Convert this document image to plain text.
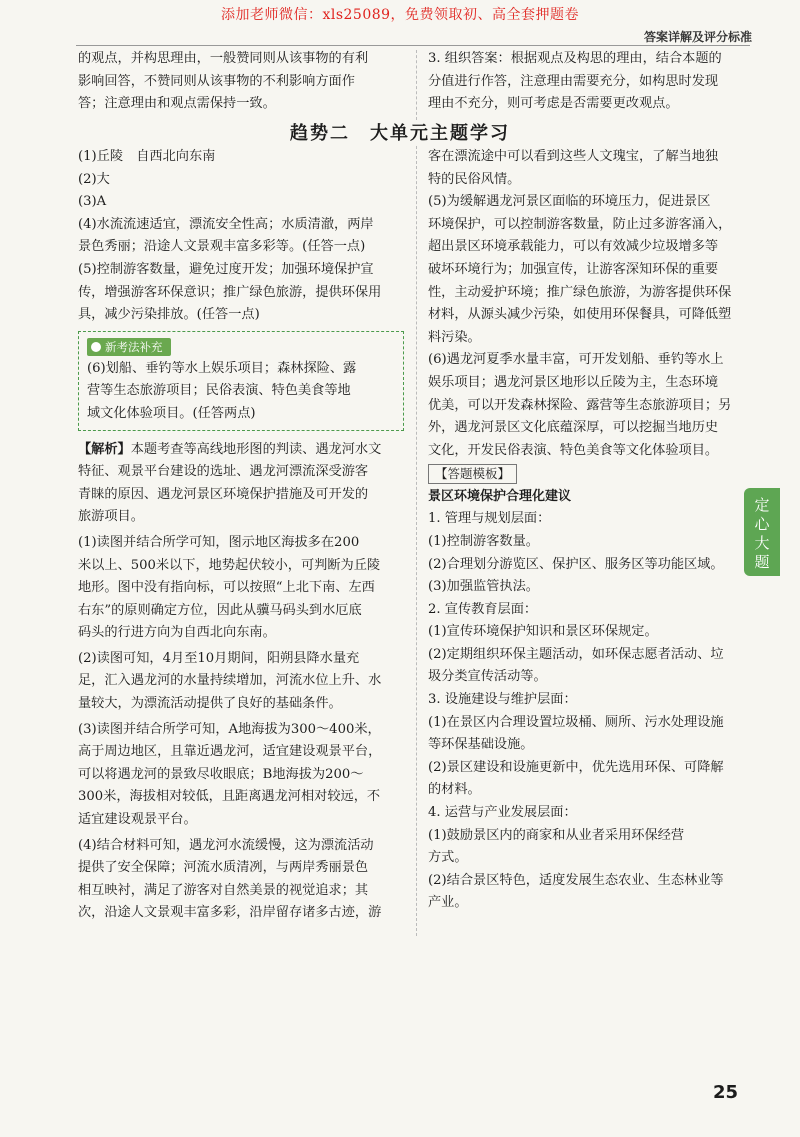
添加老师微信：xls25089，免费领取初、高全套押题卷
答案详解及评分标准

的观点，并构思理由，一般赞同则从该事物的有利

影响回答，不赞同则从该事物的不利影响方面作

答；注意理由和观点需保持一致。

3. 组织答案：根据观点及构思的理由，结合本题的

分值进行作答，注意理由需要充分，如构思时发现

理由不充分，则可考虑是否需要更改观点。

趋势二　大单元主题学习

(1)丘陵　自西北向东南

(2)大

(3)A

(4)水流流速适宜，漂流安全性高；水质清澈，两岸

景色秀丽；沿途人文景观丰富多彩等。(任答一点)

(5)控制游客数量，避免过度开发；加强环境保护宣

传，增强游客环保意识；推广绿色旅游，提供环保用

具，减少污染排放。(任答一点)

新考法补充

(6)划船、垂钓等水上娱乐项目；森林探险、露

营等生态旅游项目；民俗表演、特色美食等地

域文化体验项目。(任答两点)

【解析】本题考查等高线地形图的判读、遇龙河水文

特征、观景平台建设的选址、遇龙河漂流深受游客

青睐的原因、遇龙河景区环境保护措施及可开发的

旅游项目。

(1)读图并结合所学可知，图示地区海拔多在200

米以上、500米以下，地势起伏较小，可判断为丘陵

地形。图中没有指向标，可以按照“上北下南、左西

右东”的原则确定方位，因此从骥马码头到水厄底

码头的行进方向为自西北向东南。

(2)读图可知，4月至10月期间，阳朔县降水量充

足，汇入遇龙河的水量持续增加，河流水位上升、水

量较大，为漂流活动提供了良好的基础条件。

(3)读图并结合所学可知，A地海拔为300～400米，

高于周边地区，且靠近遇龙河，适宜建设观景平台，

可以将遇龙河的景致尽收眼底；B地海拔为200～

300米，海拔相对较低，且距离遇龙河相对较远，不

适宜建设观景平台。

(4)结合材料可知，遇龙河水流缓慢，这为漂流活动

提供了安全保障；河流水质清冽，与两岸秀丽景色

相互映衬，满足了游客对自然美景的视觉追求；其

次，沿途人文景观丰富多彩，沿岸留存诸多古迹，游

客在漂流途中可以看到这些人文瑰宝，了解当地独

特的民俗风情。

(5)为缓解遇龙河景区面临的环境压力，促进景区

环境保护，可以控制游客数量，防止过多游客涌入，

超出景区环境承载能力，可以有效减少垃圾增多等

破坏环境行为；加强宣传，让游客深知环保的重要

性，主动爱护环境；推广绿色旅游，为游客提供环保

材料，从源头减少污染，如使用环保餐具，可降低塑

料污染。

(6)遇龙河夏季水量丰富，可开发划船、垂钓等水上

娱乐项目；遇龙河景区地形以丘陵为主，生态环境

优美，可以开发森林探险、露营等生态旅游项目；另

外，遇龙河景区文化底蕴深厚，可以挖掘当地历史

文化，开发民俗表演、特色美食等文化体验项目。

【答题模板】
景区环境保护合理化建议

1. 管理与规划层面：

(1)控制游客数量。

(2)合理划分游览区、保护区、服务区等功能区域。

(3)加强监管执法。

2. 宣传教育层面：

(1)宣传环境保护知识和景区环保规定。

(2)定期组织环保主题活动，如环保志愿者活动、垃

圾分类宣传活动等。

3. 设施建设与维护层面：

(1)在景区内合理设置垃圾桶、厕所、污水处理设施

等环保基础设施。

(2)景区建设和设施更新中，优先选用环保、可降解

的材料。

4. 运营与产业发展层面：

(1)鼓励景区内的商家和从业者采用环保经营

方式。

(2)结合景区特色，适度发展生态农业、生态林业等

产业。

定
心
大
题
25
